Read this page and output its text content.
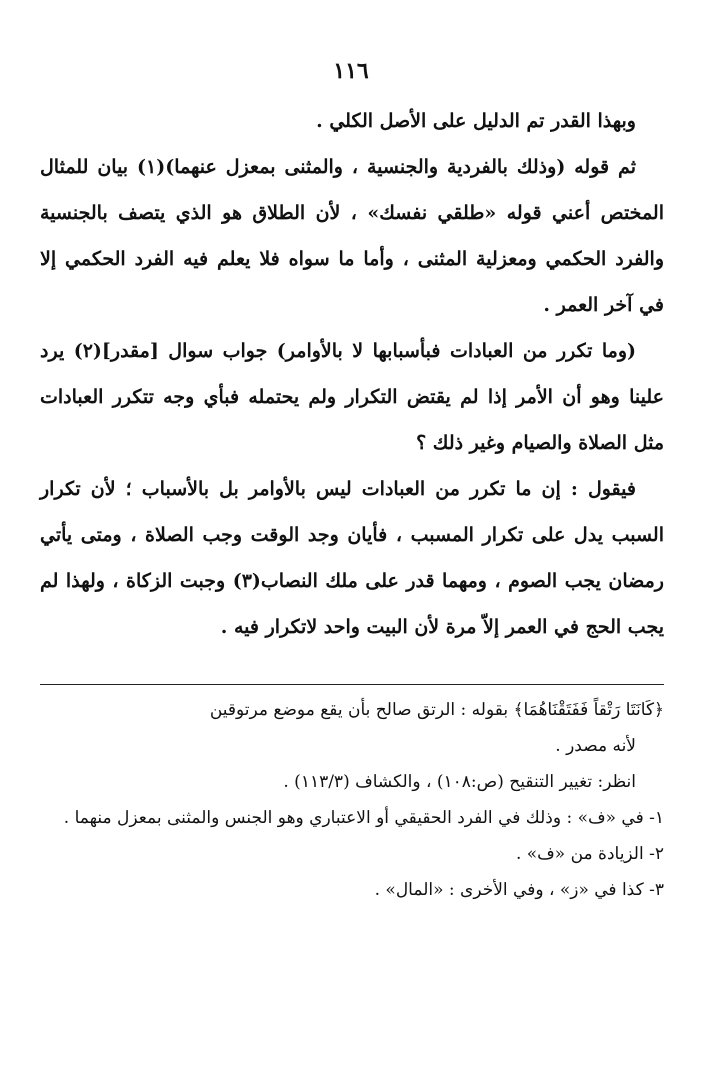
١١٦

وبهذا القدر تم الدليل على الأصل الكلي .

ثم قوله (وذلك بالفردية والجنسية ، والمثنى بمعزل عنهما)(١) بيان للمثال المختص أعني قوله «طلقي نفسك» ، لأن الطلاق هو الذي يتصف بالجنسية والفرد الحكمي ومعزلية المثنى ، وأما ما سواه فلا يعلم فيه الفرد الحكمي إلا في آخر العمر .

(وما تكرر من العبادات فبأسبابها لا بالأوامر) جواب سوال [مقدر](٢) يرد علينا وهو أن الأمر إذا لم يقتض التكرار ولم يحتمله فبأي وجه تتكرر العبادات مثل الصلاة والصيام وغير ذلك ؟

فيقول : إن ما تكرر من العبادات ليس بالأوامر بل بالأسباب ؛ لأن تكرار السبب يدل على تكرار المسبب ، فأيان وجد الوقت وجب الصلاة ، ومتى يأتي رمضان يجب الصوم ، ومهما قدر على ملك النصاب(٣) وجبت الزكاة ، ولهذا لم يجب الحج في العمر إلاّ مرة لأن البيت واحد لاتكرار فيه .

﴿كَانَتَا رَتْقاً فَفَتَقْنَاهُمَا﴾ بقوله : الرتق صالح بأن يقع موضع مرتوقين

لأنه مصدر .

انظر: تغيير التنقيح (ص:١٠٨) ، والكشاف (١١٣/٣) .

١- في «ف» : وذلك في الفرد الحقيقي أو الاعتباري وهو الجنس والمثنى بمعزل منهما .

٢- الزيادة من «ف» .

٣- كذا في «ز» ، وفي الأخرى : «المال» .
